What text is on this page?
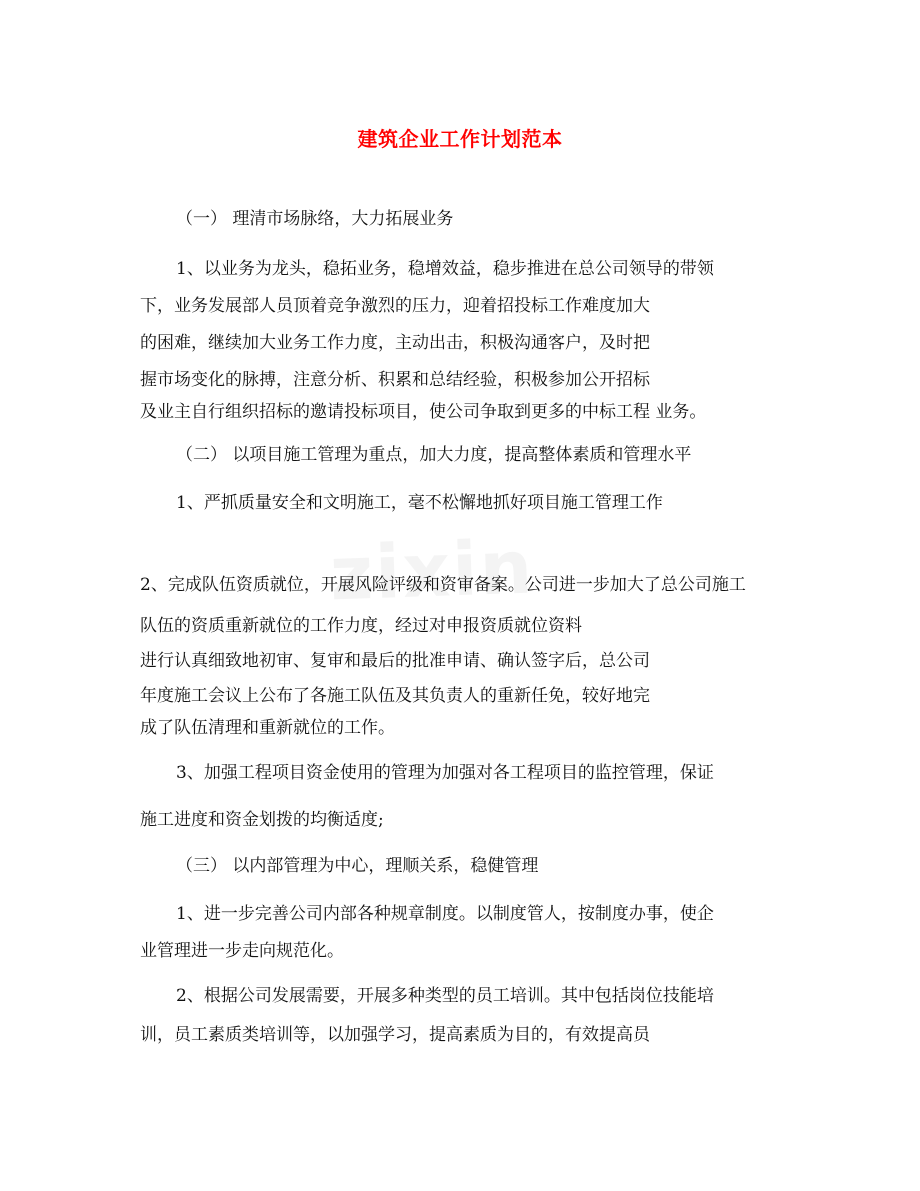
建筑企业工作计划范本
（一） 理清市场脉络，大力拓展业务
1、以业务为龙头，稳拓业务，稳增效益，稳步推进在总公司领导的带领
下，业务发展部人员顶着竞争激烈的压力，迎着招投标工作难度加大
的困难，继续加大业务工作力度，主动出击，积极沟通客户，及时把
握市场变化的脉搏，注意分析、积累和总结经验，积极参加公开招标
及业主自行组织招标的邀请投标项目，使公司争取到更多的中标工程 业务。
（二） 以项目施工管理为重点，加大力度，提高整体素质和管理水平
1、严抓质量安全和文明施工，毫不松懈地抓好项目施工管理工作
2、完成队伍资质就位，开展风险评级和资审备案。公司进一步加大了总公司施工
队伍的资质重新就位的工作力度，经过对申报资质就位资料
进行认真细致地初审、复审和最后的批准申请、确认签字后，总公司
年度施工会议上公布了各施工队伍及其负责人的重新任免，较好地完
成了队伍清理和重新就位的工作。
3、加强工程项目资金使用的管理为加强对各工程项目的监控管理，保证
施工进度和资金划拨的均衡适度;
（三） 以内部管理为中心，理顺关系，稳健管理
1、进一步完善公司内部各种规章制度。以制度管人，按制度办事，使企
业管理进一步走向规范化。
2、根据公司发展需要，开展多种类型的员工培训。其中包括岗位技能培
训，员工素质类培训等，以加强学习，提高素质为目的，有效提高员
